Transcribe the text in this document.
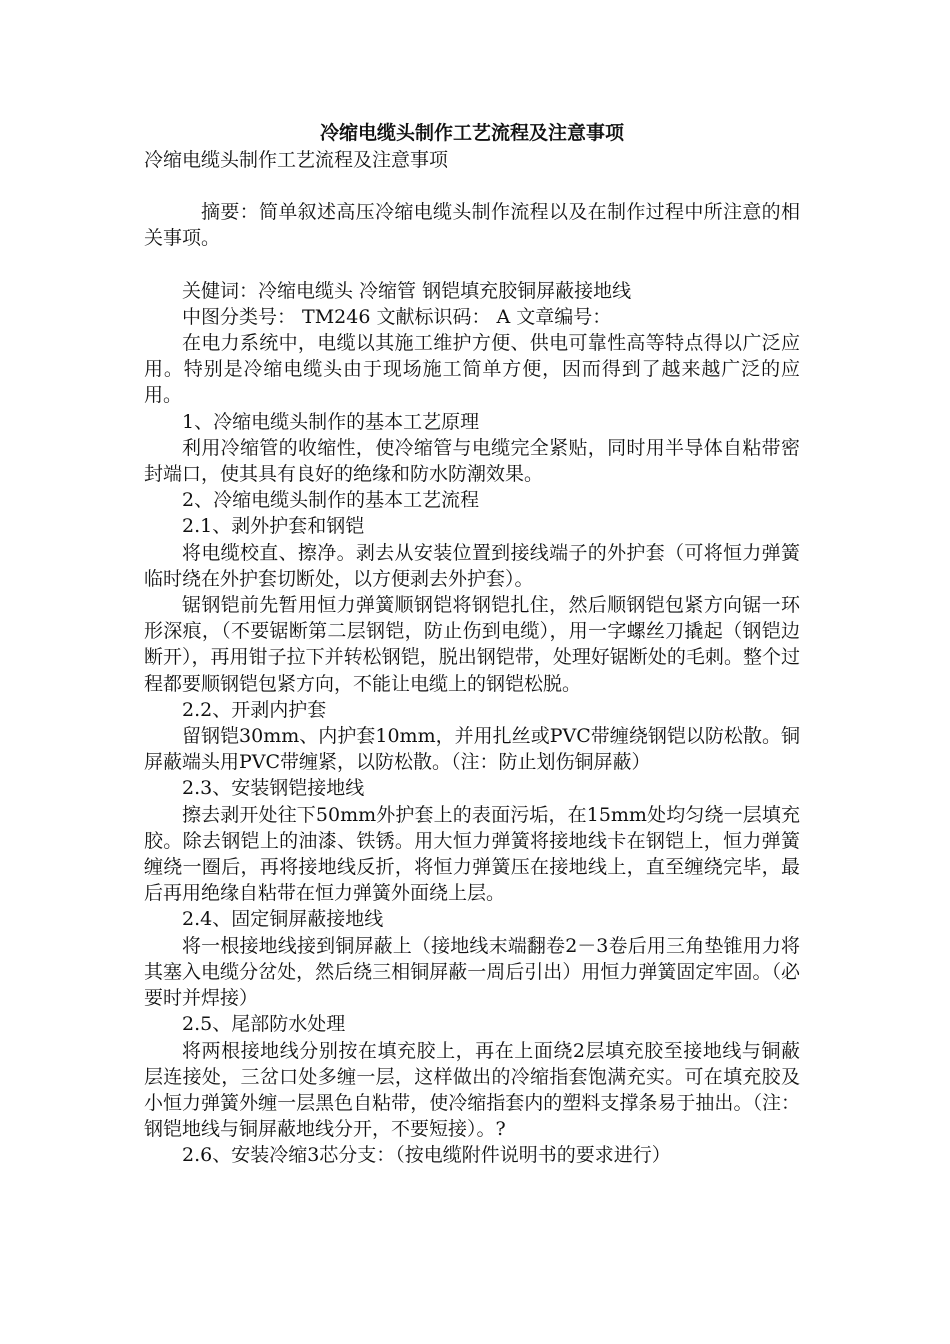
冷缩电缆头制作工艺流程及注意事项

冷缩电缆头制作工艺流程及注意事项

摘要：简单叙述高压冷缩电缆头制作流程以及在制作过程中所注意的相关事项。

关健词：冷缩电缆头 冷缩管 钢铠填充胶铜屏蔽接地线

中图分类号： TM246 文献标识码： A 文章编号：

在电力系统中，电缆以其施工维护方便、供电可靠性高等特点得以广泛应用。特别是冷缩电缆头由于现场施工简单方便，因而得到了越来越广泛的应用。

1、冷缩电缆头制作的基本工艺原理

利用冷缩管的收缩性，使冷缩管与电缆完全紧贴，同时用半导体自粘带密封端口，使其具有良好的绝缘和防水防潮效果。

2、冷缩电缆头制作的基本工艺流程

2.1、剥外护套和钢铠

将电缆校直、擦净。剥去从安装位置到接线端子的外护套（可将恒力弹簧临时绕在外护套切断处，以方便剥去外护套）。

锯钢铠前先暂用恒力弹簧顺钢铠将钢铠扎住，然后顺钢铠包紧方向锯一环形深痕，（不要锯断第二层钢铠，防止伤到电缆），用一字螺丝刀撬起（钢铠边断开），再用钳子拉下并转松钢铠，脱出钢铠带，处理好锯断处的毛刺。整个过程都要顺钢铠包紧方向，不能让电缆上的钢铠松脱。

2.2、开剥内护套

留钢铠30mm、内护套10mm，并用扎丝或PVC带缠绕钢铠以防松散。铜屏蔽端头用PVC带缠紧，以防松散。（注：防止划伤铜屏蔽）

2.3、安装钢铠接地线

擦去剥开处往下50mm外护套上的表面污垢，在15mm处均匀绕一层填充胶。除去钢铠上的油漆、铁锈。用大恒力弹簧将接地线卡在钢铠上，恒力弹簧缠绕一圈后，再将接地线反折，将恒力弹簧压在接地线上，直至缠绕完毕，最后再用绝缘自粘带在恒力弹簧外面绕上层。

2.4、固定铜屏蔽接地线

将一根接地线接到铜屏蔽上（接地线末端翻卷2－3卷后用三角垫锥用力将其塞入电缆分岔处，然后绕三相铜屏蔽一周后引出）用恒力弹簧固定牢固。（必要时并焊接）

2.5、尾部防水处理

将两根接地线分别按在填充胶上，再在上面绕2层填充胶至接地线与铜蔽层连接处，三岔口处多缠一层，这样做出的冷缩指套饱满充实。可在填充胶及小恒力弹簧外缠一层黑色自粘带，使冷缩指套内的塑料支撑条易于抽出。（注：钢铠地线与铜屏蔽地线分开，不要短接）。?

2.6、安装冷缩3芯分支：（按电缆附件说明书的要求进行）
